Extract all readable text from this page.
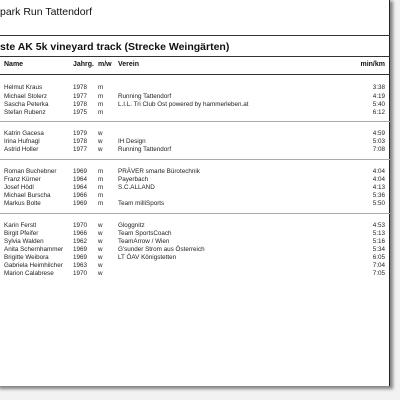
park Run Tattendorf
ste AK 5k vineyard track (Strecke Weingärten)
Name	Jahrg. m/w Verein	min/km
Helmut Kraus	1978 m	3:38
Michael Stolerz	1977 m Running Tattendorf	4:19
Sascha Peterka	1978 m L.I.L. Tri Club Ost powered by hammerleben.at	5:40
Stefan Rubenz	1975 m	6:12
Katrin Gacesa	1979 w	4:59
Irina Hufnagl	1978 w IH Design	5:03
Astrid Holler	1977 w Running Tattendorf	7:08
Roman Buchebner	1969 m PRÄVER smarte Bürotechnik	4:04
Franz Kürner	1964 m Payerbach	4:04
Josef Hödl	1964 m S.C.ALLAND	4:13
Michael Burscha	1966 m	5:36
Markus Bolte	1969 m Team milliSports	5:50
Karin Ferstl	1970 w Gloggnitz	4:53
Birgit Pfeifer	1966 w Team SportsCoach	5:13
Sylvia Walden	1962 w TeamArrow / Wien	5:16
Anita Schernhammer 1969 w G'sunder Strom aus Österreich	5:34
Brigitte Weibora	1969 w LT ÖAV Königstetten	6:05
Gabriela Heimhilcher 1963 w	7:04
Marion Calabrese	1970 w	7:05
